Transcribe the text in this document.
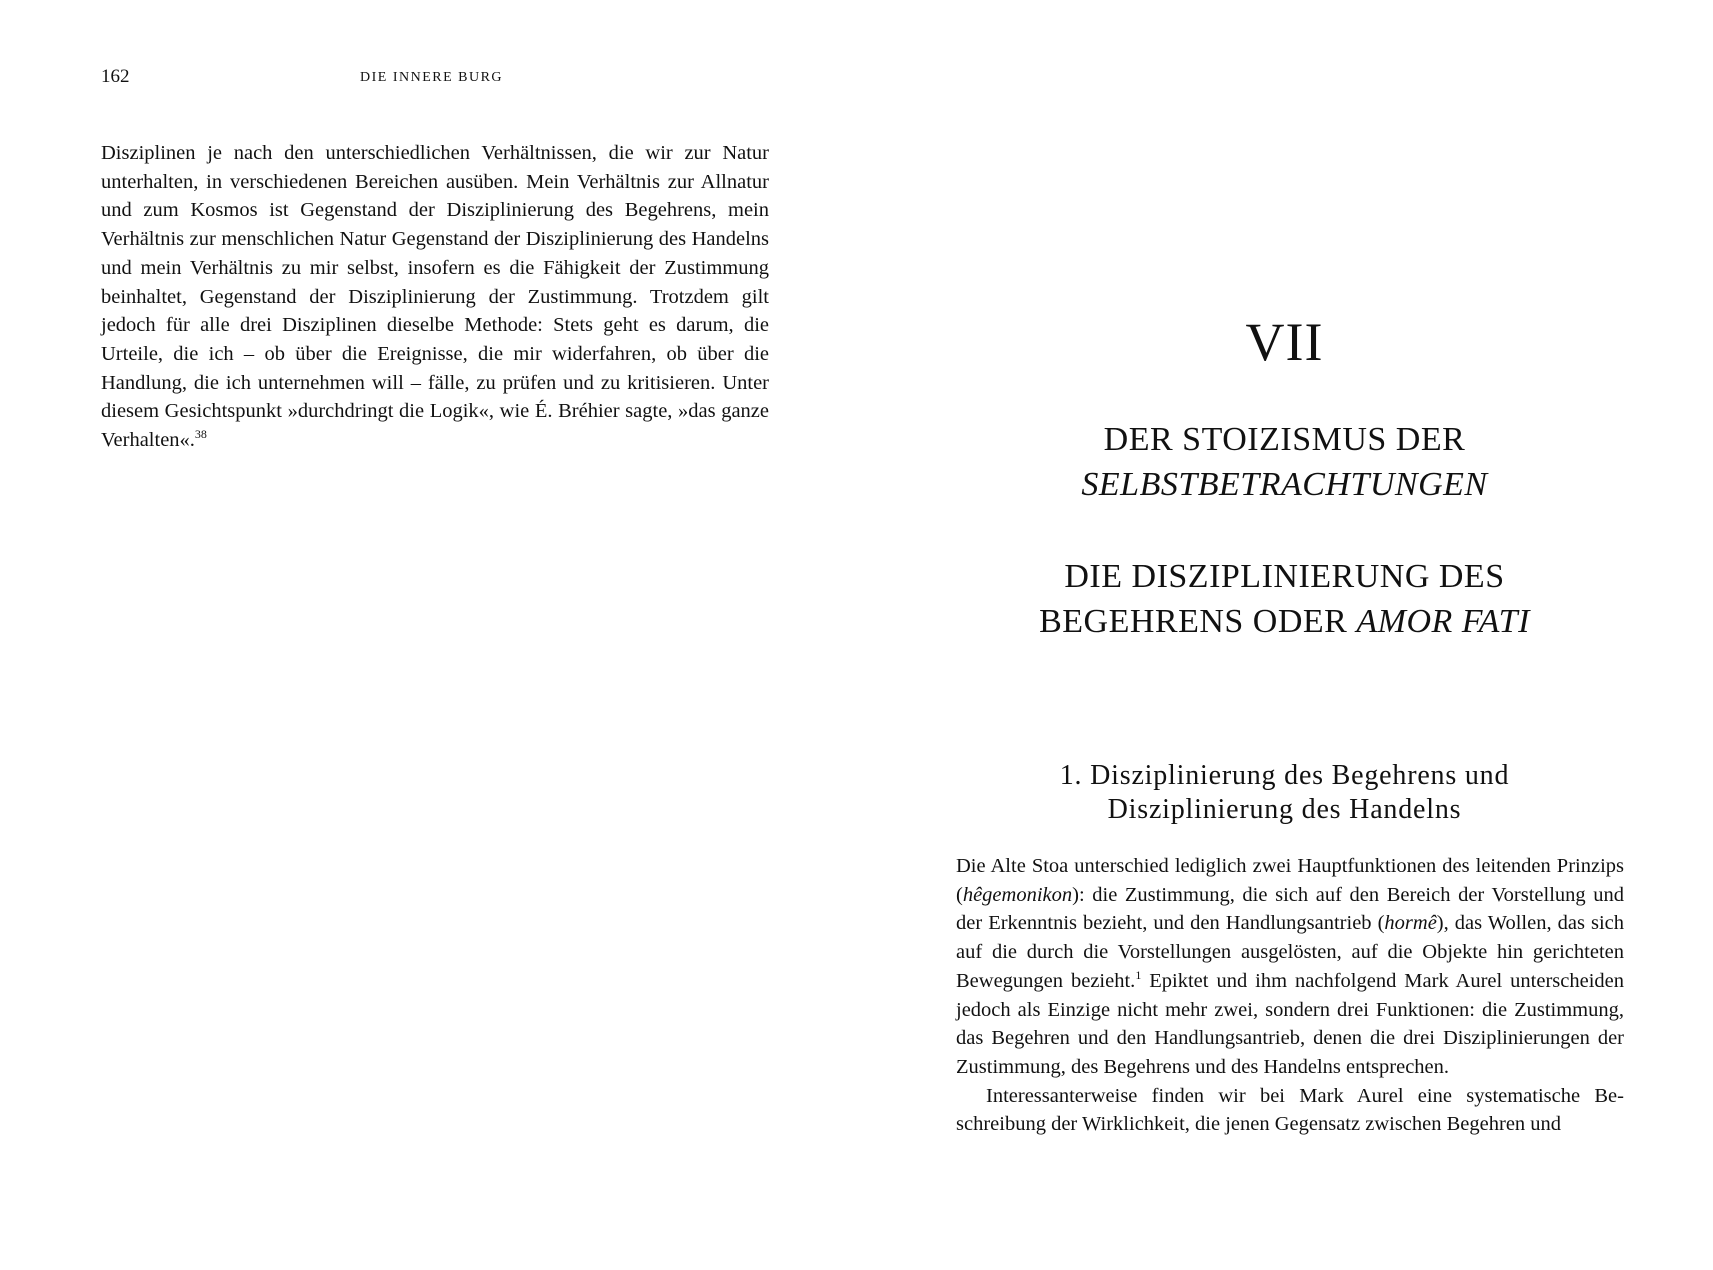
162	DIE INNERE BURG

Disziplinen je nach den unterschiedlichen Verhältnissen, die wir zur Natur unterhalten, in verschiedenen Bereichen ausüben. Mein Verhältnis zur Allnatur und zum Kosmos ist Gegenstand der Disziplinierung des Begehrens, mein Verhältnis zur menschlichen Natur Gegenstand der Disziplinierung des Handelns und mein Verhältnis zu mir selbst, insofern es die Fähigkeit der Zustimmung beinhaltet, Gegenstand der Disziplinierung der Zustimmung. Trotzdem gilt jedoch für alle drei Disziplinen dieselbe Methode: Stets geht es darum, die Urteile, die ich – ob über die Ereignisse, die mir widerfahren, ob über die Handlung, die ich unternehmen will – fälle, zu prüfen und zu kritisieren. Unter diesem Gesichtspunkt »durchdringt die Logik«, wie É. Bréhier sagte, »das ganze Verhalten«.$^{38}$

VII
DER STOIZISMUS DER
SELBSTBETRACHTUNGEN
DIE DISZIPLINIERUNG DES
BEGEHRENS ODER AMOR FATI
1. Disziplinierung des Begehrens und
Disziplinierung des Handelns

Die Alte Stoa unterschied lediglich zwei Hauptfunktionen des leitenden Prinzips (hêgemonikon): die Zustimmung, die sich auf den Bereich der Vorstellung und der Erkenntnis bezieht, und den Handlungsantrieb (hormê), das Wollen, das sich auf die durch die Vorstellungen ausgelösten, auf die Objekte hin gerichteten Bewegungen bezieht.$^1$ Epiktet und ihm nachfolgend Mark Aurel unterscheiden jedoch als Einzige nicht mehr zwei, sondern drei Funktionen: die Zustimmung, das Begehren und den Handlungsantrieb, denen die drei Disziplinierungen der Zustimmung, des Begehrens und des Handelns entsprechen.

Interessanterweise finden wir bei Mark Aurel eine systematische Beschreibung der Wirklichkeit, die jenen Gegensatz zwischen Begehren und
